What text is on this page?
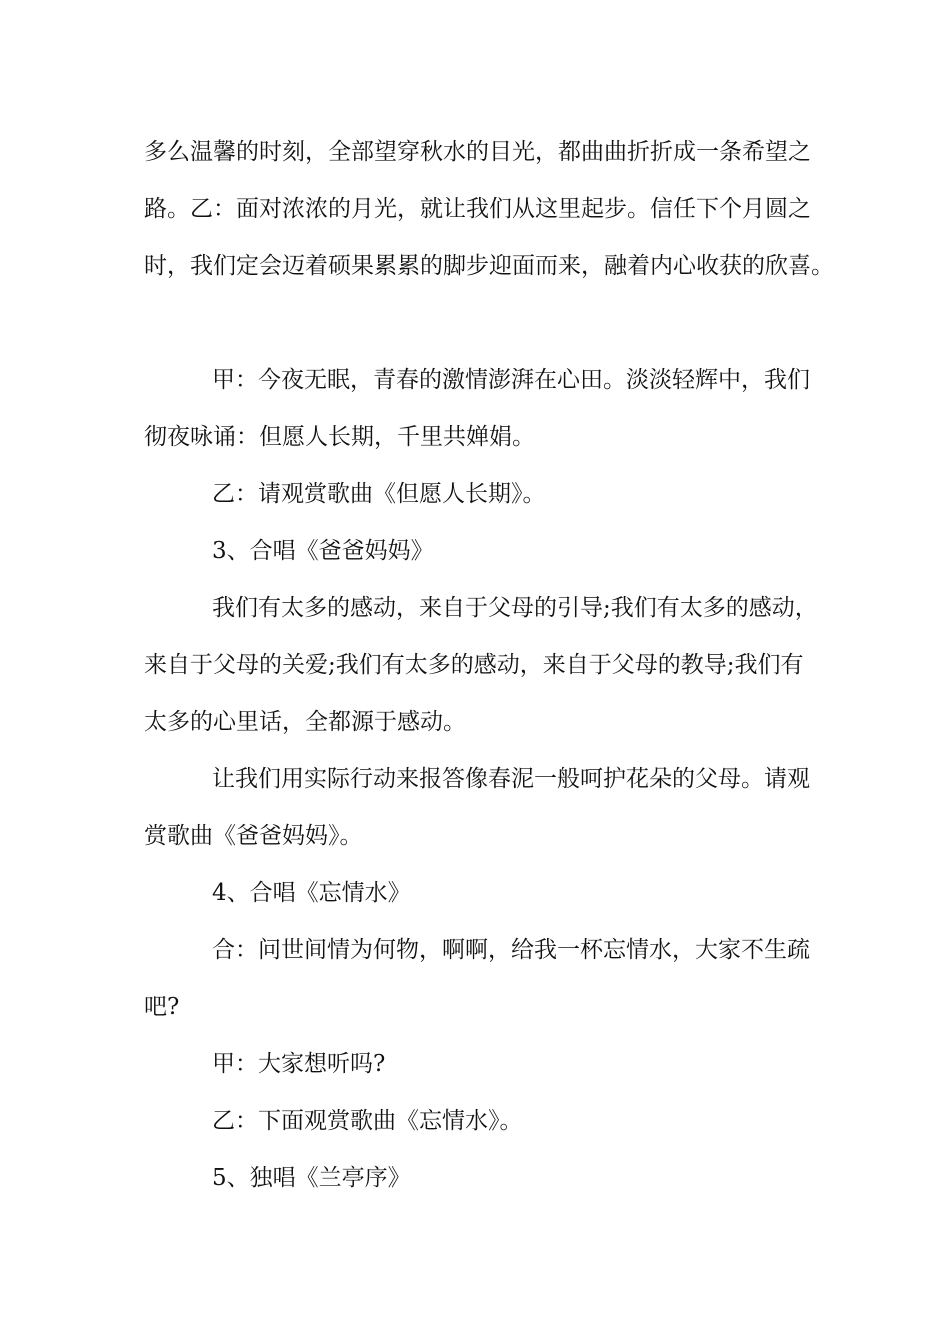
多么温馨的时刻，全部望穿秋水的目光，都曲曲折折成一条希望之
路。乙：面对浓浓的月光，就让我们从这里起步。信任下个月圆之
时，我们定会迈着硕果累累的脚步迎面而来，融着内心收获的欣喜。
甲：今夜无眠，青春的激情澎湃在心田。淡淡轻辉中，我们
彻夜咏诵：但愿人长期，千里共婵娟。
乙：请观赏歌曲《但愿人长期》。
3、合唱《爸爸妈妈》
我们有太多的感动，来自于父母的引导;我们有太多的感动，
来自于父母的关爱;我们有太多的感动，来自于父母的教导;我们有
太多的心里话，全都源于感动。
让我们用实际行动来报答像春泥一般呵护花朵的父母。请观
赏歌曲《爸爸妈妈》。
4、合唱《忘情水》
合：问世间情为何物，啊啊，给我一杯忘情水，大家不生疏
吧?
甲：大家想听吗?
乙：下面观赏歌曲《忘情水》。
5、独唱《兰亭序》
